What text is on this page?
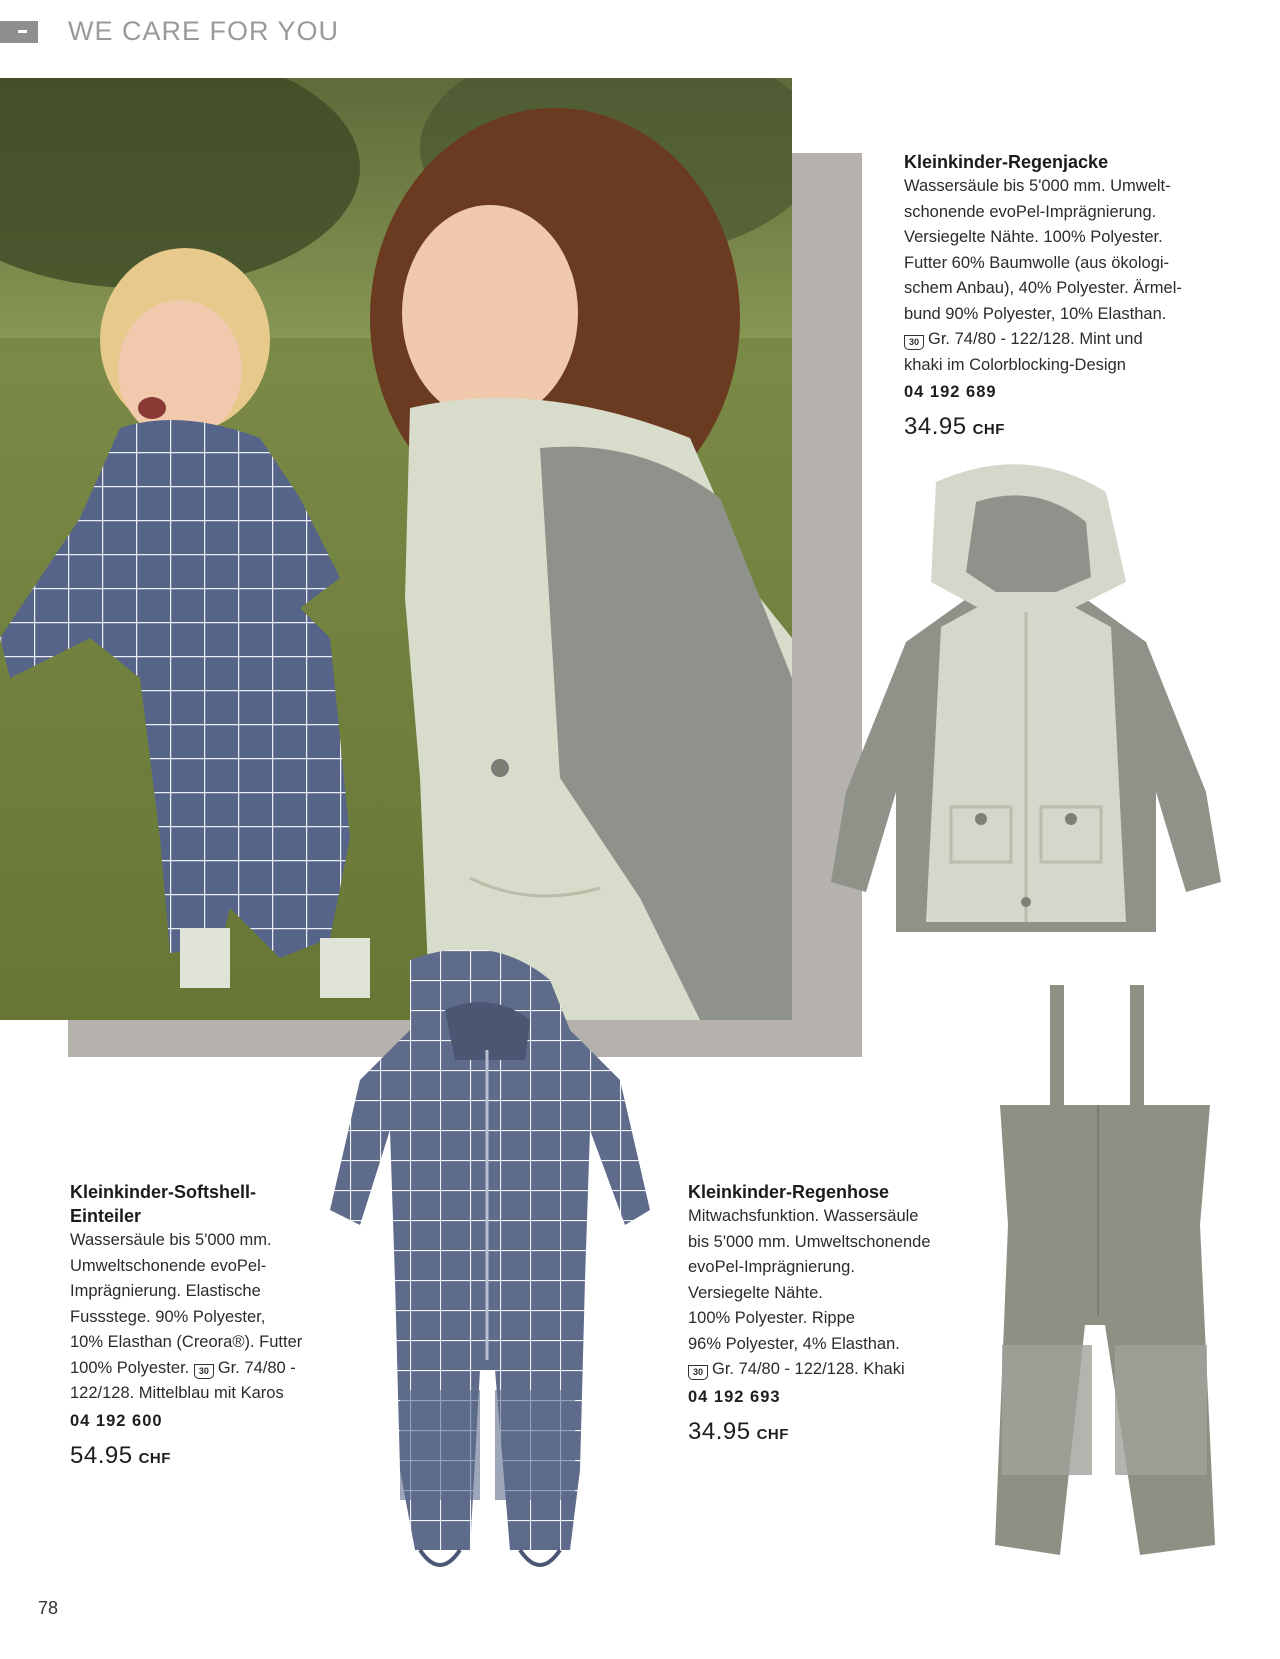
WE CARE FOR YOU
Kleinkinder-Regenjacke
Wassersäule bis 5'000 mm. Umwelt-
schonende evoPel-Imprägnierung.
Versiegelte Nähte. 100% Polyester.
Futter 60% Baumwolle (aus ökologi-
schem Anbau), 40% Polyester. Ärmel-
bund 90% Polyester, 10% Elasthan.
30 Gr. 74/80 - 122/128. Mint und
khaki im Colorblocking-Design
04 192 689
34.95 CHF
Kleinkinder-Softshell-
Einteiler
Wassersäule bis 5'000 mm.
Umweltschonende evoPel-
Imprägnierung. Elastische
Fussstege. 90% Polyester,
10% Elasthan (Creora®). Futter
100% Polyester. 30 Gr. 74/80 -
122/128. Mittelblau mit Karos
04 192 600
54.95 CHF
Kleinkinder-Regenhose
Mitwachsfunktion. Wassersäule
bis 5'000 mm. Umweltschonende
evoPel-Imprägnierung.
Versiegelte Nähte.
100% Polyester. Rippe
96% Polyester, 4% Elasthan.
30 Gr. 74/80 - 122/128. Khaki
04 192 693
34.95 CHF
78
